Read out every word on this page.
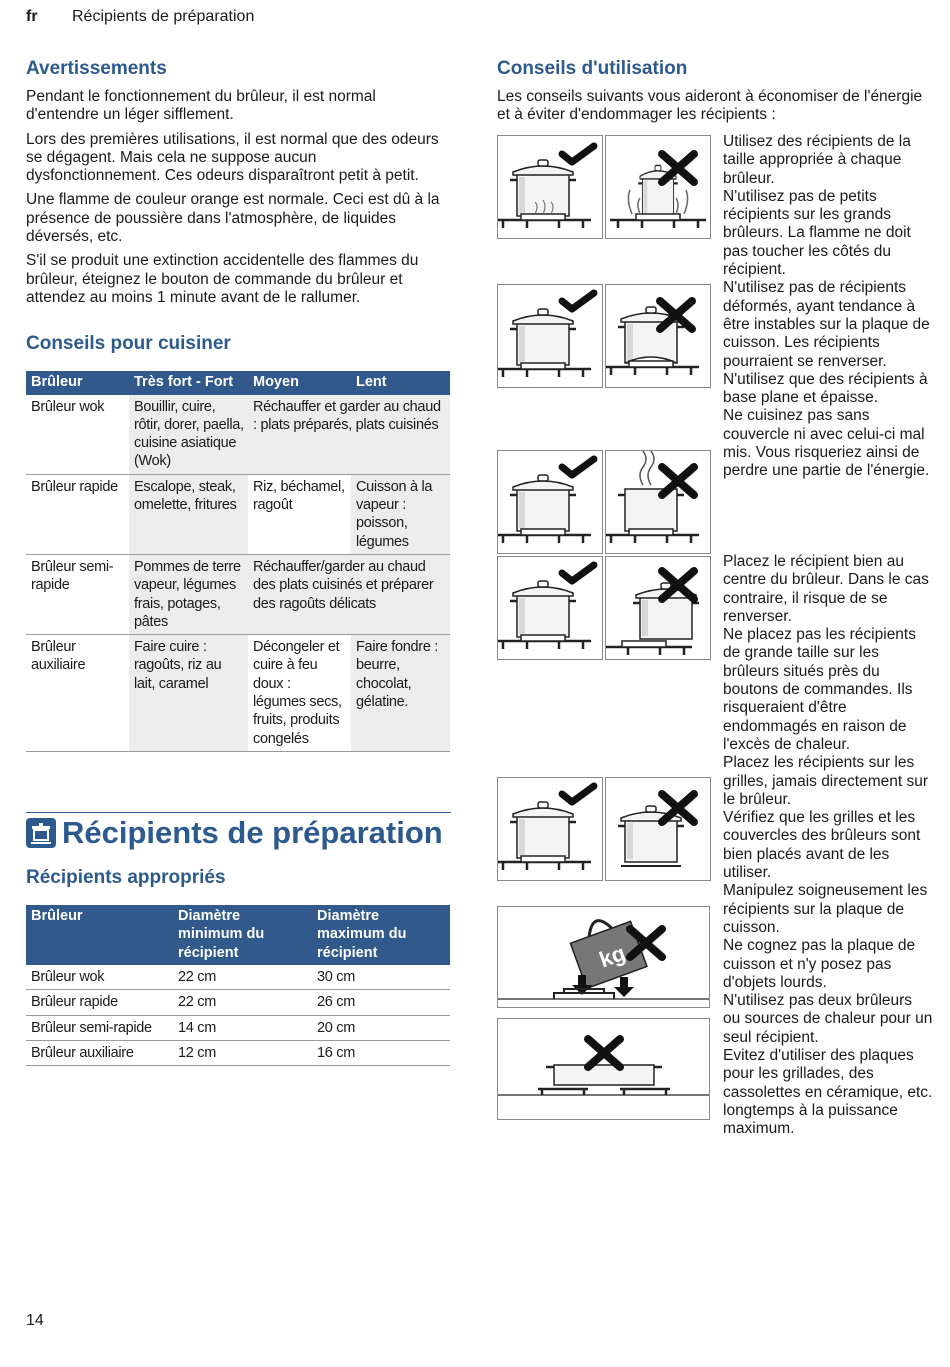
fr Récipients de préparation
Avertissements

Pendant le fonctionnement du brûleur, il est normal d'entendre un léger sifflement.

Lors des premières utilisations, il est normal que des odeurs se dégagent. Mais cela ne suppose aucun dysfonctionnement. Ces odeurs disparaîtront petit à petit.

Une flamme de couleur orange est normale. Ceci est dû à la présence de poussière dans l'atmosphère, de liquides déversés, etc.

S'il se produit une extinction accidentelle des flammes du brûleur, éteignez le bouton de commande du brûleur et attendez au moins 1 minute avant de le rallumer.

Conseils pour cuisiner
Brûleur	Très fort - Fort	Moyen	Lent
Brûleur wok	Bouillir, cuire, rôtir, dorer, paella, cuisine asiatique (Wok)	Réchauffer et garder au chaud : plats préparés, plats cuisinés	
Brûleur rapide	Escalope, steak, omelette, fritures	Riz, béchamel, ragoût	Cuisson à la vapeur : poisson, légumes
Brûleur semi-rapide	Pommes de terre vapeur, légumes frais, potages, pâtes	Réchauffer/garder au chaud des plats cuisinés et préparer des ragoûts délicats	
Brûleur auxiliaire	Faire cuire : ragoûts, riz au lait, caramel	Décongeler et cuire à feu doux : légumes secs, fruits, produits congelés	Faire fondre : beurre, chocolat, gélatine.
Récipients de préparation
Récipients appropriés
Brûleur	Diamètre minimum du récipient	Diamètre maximum du récipient
Brûleur wok	22 cm	30 cm
Brûleur rapide	22 cm	26 cm
Brûleur semi-rapide	14 cm	20 cm
Brûleur auxiliaire	12 cm	16 cm
Conseils d'utilisation

Les conseils suivants vous aideront à économiser de l'énergie et à éviter d'endommager les récipients :

kg

Utilisez des récipients de la taille appropriée à chaque brûleur.

N'utilisez pas de petits récipients sur les grands brûleurs. La flamme ne doit pas toucher les côtés du récipient.

N'utilisez pas de récipients déformés, ayant tendance à être instables sur la plaque de cuisson. Les récipients pourraient se renverser.

N'utilisez que des récipients à base plane et épaisse.

Ne cuisinez pas sans couvercle ni avec celui-ci mal mis. Vous risqueriez ainsi de perdre une partie de l'énergie.

Placez le récipient bien au centre du brûleur. Dans le cas contraire, il risque de se renverser.

Ne placez pas les récipients de grande taille sur les brûleurs situés près du boutons de commandes. Ils risqueraient d'être endommagés en raison de l'excès de chaleur.

Placez les récipients sur les grilles, jamais directement sur le brûleur.

Vérifiez que les grilles et les couvercles des brûleurs sont bien placés avant de les utiliser.

Manipulez soigneusement les récipients sur la plaque de cuisson.

Ne cognez pas la plaque de cuisson et n'y posez pas d'objets lourds.

N'utilisez pas deux brûleurs ou sources de chaleur pour un seul récipient.

Evitez d'utiliser des plaques pour les grillades, des cassolettes en céramique, etc. longtemps à la puissance maximum.

14
